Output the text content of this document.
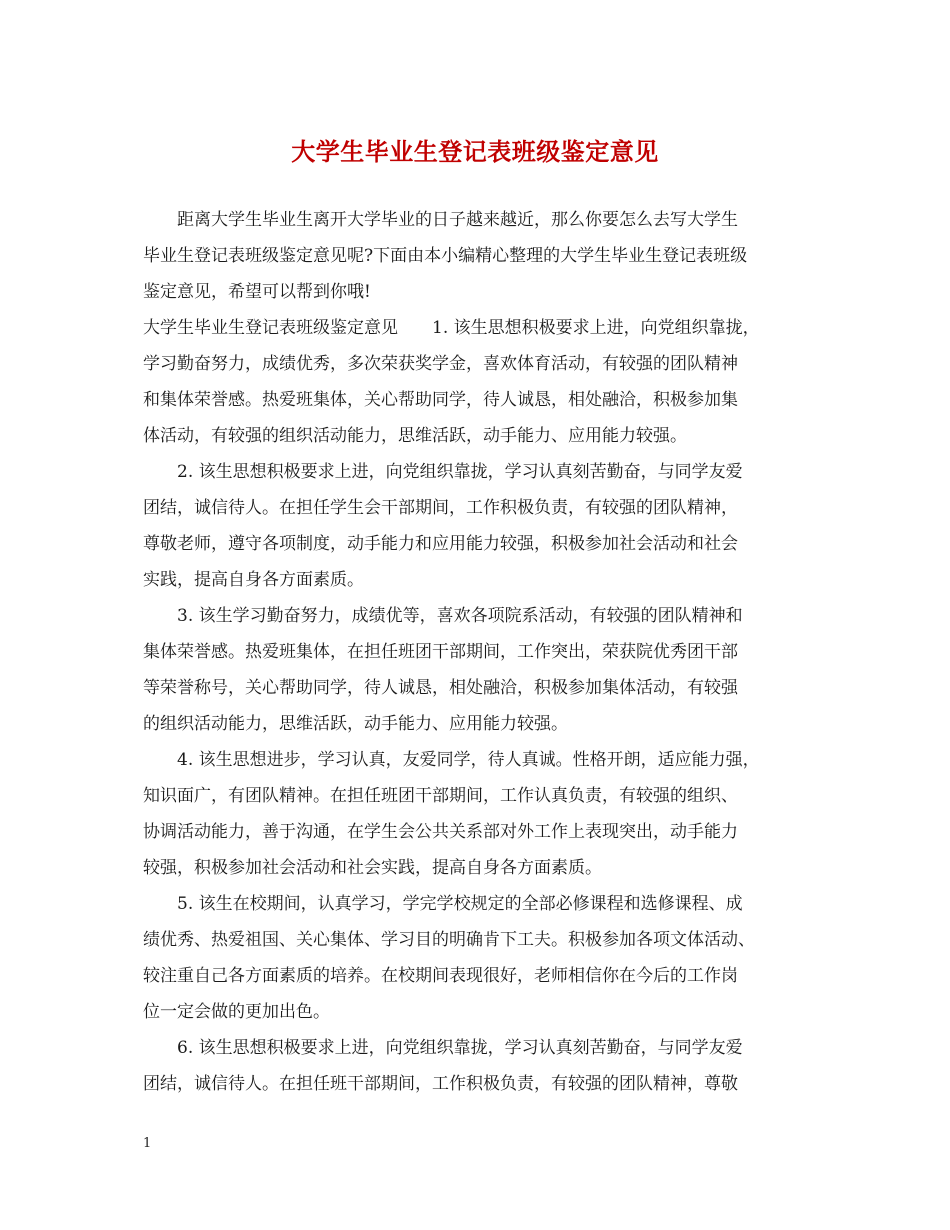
大学生毕业生登记表班级鉴定意见
　　距离大学生毕业生离开大学毕业的日子越来越近，那么你要怎么去写大学生
毕业生登记表班级鉴定意见呢?下面由本小编精心整理的大学生毕业生登记表班级
鉴定意见，希望可以帮到你哦!
大学生毕业生登记表班级鉴定意见　　1. 该生思想积极要求上进，向党组织靠拢，
学习勤奋努力，成绩优秀，多次荣获奖学金，喜欢体育活动，有较强的团队精神
和集体荣誉感。热爱班集体，关心帮助同学，待人诚恳，相处融洽，积极参加集
体活动，有较强的组织活动能力，思维活跃，动手能力、应用能力较强。
　　2. 该生思想积极要求上进，向党组织靠拢，学习认真刻苦勤奋，与同学友爱
团结，诚信待人。在担任学生会干部期间，工作积极负责，有较强的团队精神，
尊敬老师，遵守各项制度，动手能力和应用能力较强，积极参加社会活动和社会
实践，提高自身各方面素质。
　　3. 该生学习勤奋努力，成绩优等，喜欢各项院系活动，有较强的团队精神和
集体荣誉感。热爱班集体，在担任班团干部期间，工作突出，荣获院优秀团干部
等荣誉称号，关心帮助同学，待人诚恳，相处融洽，积极参加集体活动，有较强
的组织活动能力，思维活跃，动手能力、应用能力较强。
　　4. 该生思想进步，学习认真，友爱同学，待人真诚。性格开朗，适应能力强，
知识面广，有团队精神。在担任班团干部期间，工作认真负责，有较强的组织、
协调活动能力，善于沟通，在学生会公共关系部对外工作上表现突出，动手能力
较强，积极参加社会活动和社会实践，提高自身各方面素质。
　　5. 该生在校期间，认真学习，学完学校规定的全部必修课程和选修课程、成
绩优秀、热爱祖国、关心集体、学习目的明确肯下工夫。积极参加各项文体活动、
较注重自己各方面素质的培养。在校期间表现很好，老师相信你在今后的工作岗
位一定会做的更加出色。
　　6. 该生思想积极要求上进，向党组织靠拢，学习认真刻苦勤奋，与同学友爱
团结，诚信待人。在担任班干部期间，工作积极负责，有较强的团队精神，尊敬
1
